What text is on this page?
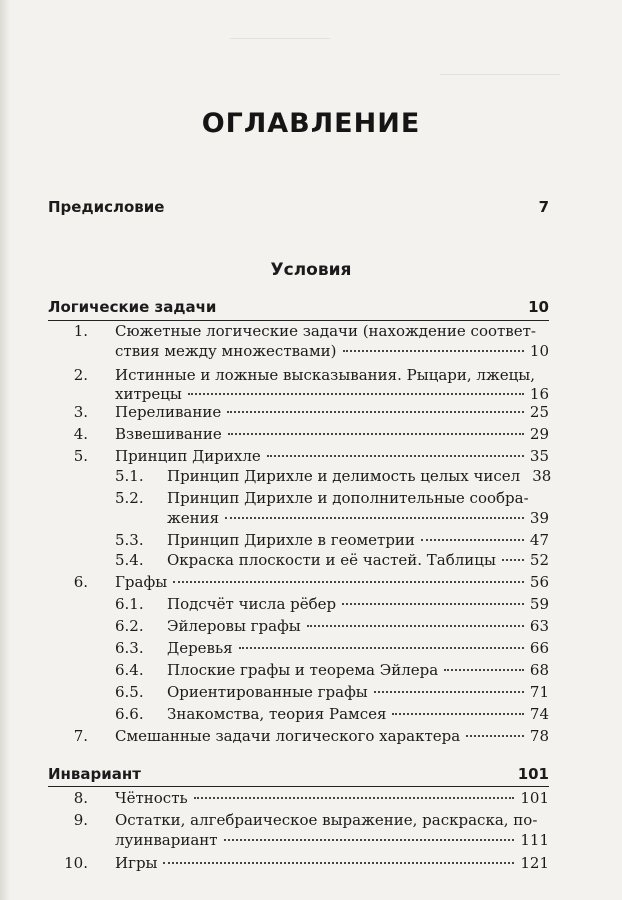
ОГЛАВЛЕНИЕ
Предисловие	7
Условия
Логические задачи	10
1. Сюжетные логические задачи (нахождение соответ-
ствия между множествами)	10
2. Истинные и ложные высказывания. Рыцари, лжецы,
хитрецы	16
3. Переливание	25
4. Взвешивание	29
5. Принцип Дирихле	35
5.1. Принцип Дирихле и делимость целых чисел 38
5.2. Принцип Дирихле и дополнительные сообра-
жения	39
5.3. Принцип Дирихле в геометрии	47
5.4. Окраска плоскости и её частей. Таблицы 52
6. Графы	56
6.1. Подсчёт числа рёбер	59
6.2. Эйлеровы графы	63
6.3. Деревья	66
6.4. Плоские графы и теорема Эйлера	68
6.5. Ориентированные графы	71
6.6. Знакомства, теория Рамсея	74
7. Смешанные задачи логического характера	78
Инвариант	101
8. Чётность	101
9. Остатки, алгебраическое выражение, раскраска, по-
луинвариант	111
10. Игры	121
